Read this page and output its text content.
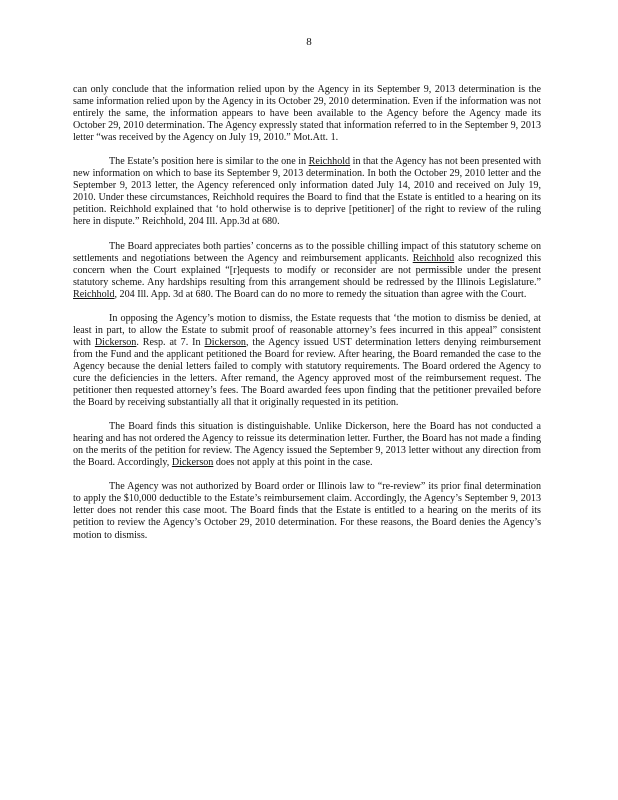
8

can only conclude that the information relied upon by the Agency in its September 9, 2013 determination is the same information relied upon by the Agency in its October 29, 2010 determination. Even if the information was not entirely the same, the information appears to have been available to the Agency before the Agency made its October 29, 2010 determination. The Agency expressly stated that information referred to in the September 9, 2013 letter “was received by the Agency on July 19, 2010.” Mot.Att. 1.

The Estate’s position here is similar to the one in Reichhold in that the Agency has not been presented with new information on which to base its September 9, 2013 determination. In both the October 29, 2010 letter and the September 9, 2013 letter, the Agency referenced only information dated July 14, 2010 and received on July 19, 2010. Under these circumstances, Reichhold requires the Board to find that the Estate is entitled to a hearing on its petition. Reichhold explained that ‘to hold otherwise is to deprive [petitioner] of the right to review of the ruling here in dispute.” Reichhold, 204 Ill. App.3d at 680.

The Board appreciates both parties’ concerns as to the possible chilling impact of this statutory scheme on settlements and negotiations between the Agency and reimbursement applicants. Reichhold also recognized this concern when the Court explained “[r]equests to modify or reconsider are not permissible under the present statutory scheme. Any hardships resulting from this arrangement should be redressed by the Illinois Legislature.” Reichhold, 204 Ill. App. 3d at 680. The Board can do no more to remedy the situation than agree with the Court.

In opposing the Agency’s motion to dismiss, the Estate requests that ‘the motion to dismiss be denied, at least in part, to allow the Estate to submit proof of reasonable attorney’s fees incurred in this appeal” consistent with Dickerson. Resp. at 7. In Dickerson, the Agency issued UST determination letters denying reimbursement from the Fund and the applicant petitioned the Board for review. After hearing, the Board remanded the case to the Agency because the denial letters failed to comply with statutory requirements. The Board ordered the Agency to cure the deficiencies in the letters. After remand, the Agency approved most of the reimbursement request. The petitioner then requested attorney’s fees. The Board awarded fees upon finding that the petitioner prevailed before the Board by receiving substantially all that it originally requested in its petition.

The Board finds this situation is distinguishable. Unlike Dickerson, here the Board has not conducted a hearing and has not ordered the Agency to reissue its determination letter. Further, the Board has not made a finding on the merits of the petition for review. The Agency issued the September 9, 2013 letter without any direction from the Board. Accordingly, Dickerson does not apply at this point in the case.

The Agency was not authorized by Board order or Illinois law to “re-review” its prior final determination to apply the $10,000 deductible to the Estate’s reimbursement claim. Accordingly, the Agency’s September 9, 2013 letter does not render this case moot. The Board finds that the Estate is entitled to a hearing on the merits of its petition to review the Agency’s October 29, 2010 determination. For these reasons, the Board denies the Agency’s motion to dismiss.
